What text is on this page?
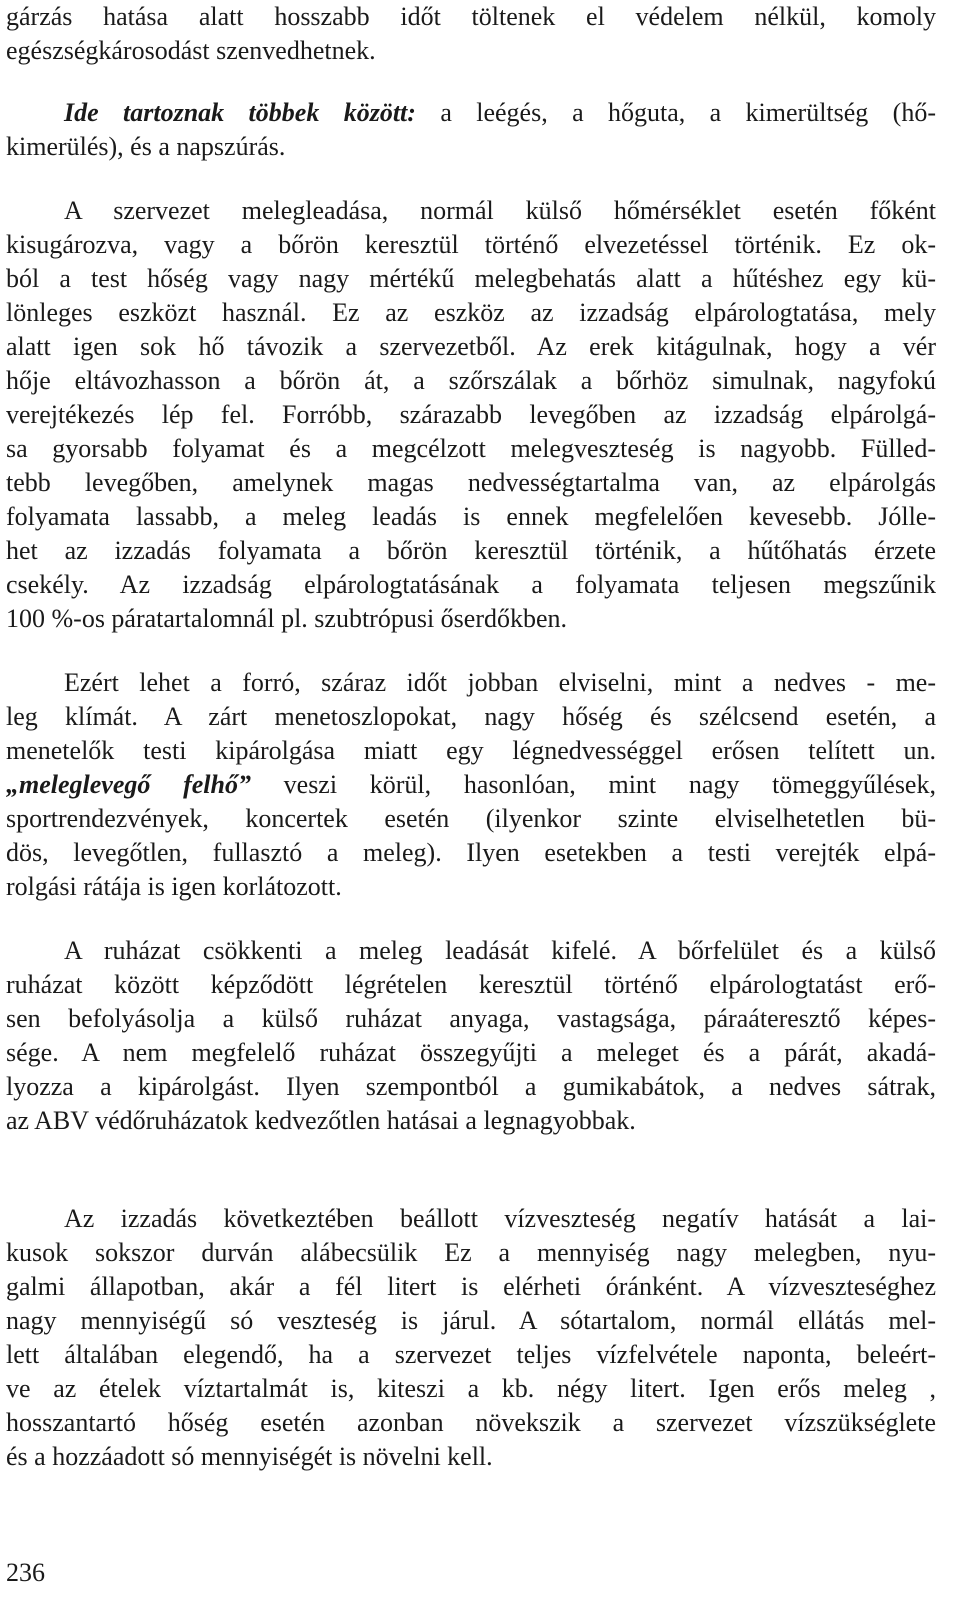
gárzás hatása alatt hosszabb időt töltenek el védelem nélkül, komoly
egészségkárosodást szenvedhetnek.
Ide tartoznak többek között: a leégés, a hőguta, a kimerültség (hő-
kimerülés), és a napszúrás.
A szervezet melegleadása, normál külső hőmérséklet esetén főként
kisugározva, vagy a bőrön keresztül történő elvezetéssel történik. Ez ok-
ból a test hőség vagy nagy mértékű melegbehatás alatt a hűtéshez egy kü-
lönleges eszközt használ. Ez az eszköz az izzadság elpárologtatása, mely
alatt igen sok hő távozik a szervezetből. Az erek kitágulnak, hogy a vér
hője eltávozhasson a bőrön át, a szőrszálak a bőrhöz simulnak, nagyfokú
verejtékezés lép fel. Forróbb, szárazabb levegőben az izzadság elpárolgá-
sa gyorsabb folyamat és a megcélzott melegveszteség is nagyobb. Fülled-
tebb levegőben, amelynek magas nedvességtartalma van, az elpárolgás
folyamata lassabb, a meleg leadás is ennek megfelelően kevesebb. Jólle-
het az izzadás folyamata a bőrön keresztül történik, a hűtőhatás érzete
csekély. Az izzadság elpárologtatásának a folyamata teljesen megszűnik
100 %-os páratartalomnál pl. szubtrópusi őserdőkben.
Ezért lehet a forró, száraz időt jobban elviselni, mint a nedves - me-
leg klímát. A zárt menetoszlopokat, nagy hőség és szélcsend esetén, a
menetelők testi kipárolgása miatt egy légnedvességgel erősen telített un.
„meleglevegő felhő” veszi körül, hasonlóan, mint nagy tömeggyűlések,
sportrendezvények, koncertek esetén (ilyenkor szinte elviselhetetlen bü-
dös, levegőtlen, fullasztó a meleg). Ilyen esetekben a testi verejték elpá-
rolgási rátája is igen korlátozott.
A ruházat csökkenti a meleg leadását kifelé. A bőrfelület és a külső
ruházat között képződött légrételen keresztül történő elpárologtatást erő-
sen befolyásolja a külső ruházat anyaga, vastagsága, páraáteresztő képes-
sége. A nem megfelelő ruházat összegyűjti a meleget és a párát, akadá-
lyozza a kipárolgást. Ilyen szempontból a gumikabátok, a nedves sátrak,
az ABV védőruházatok kedvezőtlen hatásai a legnagyobbak.
Az izzadás következtében beállott vízveszteség negatív hatását a lai-
kusok sokszor durván alábecsülik Ez a mennyiség nagy melegben, nyu-
galmi állapotban, akár a fél litert is elérheti óránként. A vízveszteséghez
nagy mennyiségű só veszteség is járul. A sótartalom, normál ellátás mel-
lett általában elegendő, ha a szervezet teljes vízfelvétele naponta, beleért-
ve az ételek víztartalmát is, kiteszi a kb. négy litert. Igen erős meleg ,
hosszantartó hőség esetén azonban növekszik a szervezet vízszükséglete
és a hozzáadott só mennyiségét is növelni kell.
236
